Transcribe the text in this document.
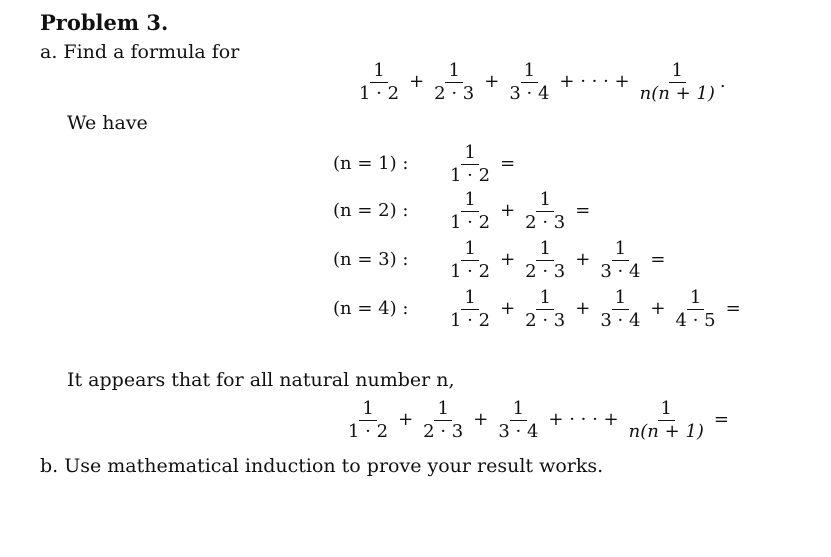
Problem 3.
a. Find a formula for
$\frac{1}{1 \cdot 2} + \frac{1}{2 \cdot 3} + \frac{1}{3 \cdot 4}$ + · · · + $\frac{1}{n(n + 1)}$ .
We have
(n = 1) :	$\frac{1}{1 \cdot 2}$ =
(n = 2) :	$\frac{1}{1 \cdot 2} + \frac{1}{2 \cdot 3}$ =
(n = 3) :	$\frac{1}{1 \cdot 2} + \frac{1}{2 \cdot 3} + \frac{1}{3 \cdot 4}$ =
(n = 4) :	$\frac{1}{1 \cdot 2} + \frac{1}{2 \cdot 3} + \frac{1}{3 \cdot 4} + \frac{1}{4 \cdot 5}$ =
It appears that for all natural number n,
$\frac{1}{1 \cdot 2} + \frac{1}{2 \cdot 3} + \frac{1}{3 \cdot 4}$ + · · · + $\frac{1}{n(n + 1)}$ =
b. Use mathematical induction to prove your result works.
